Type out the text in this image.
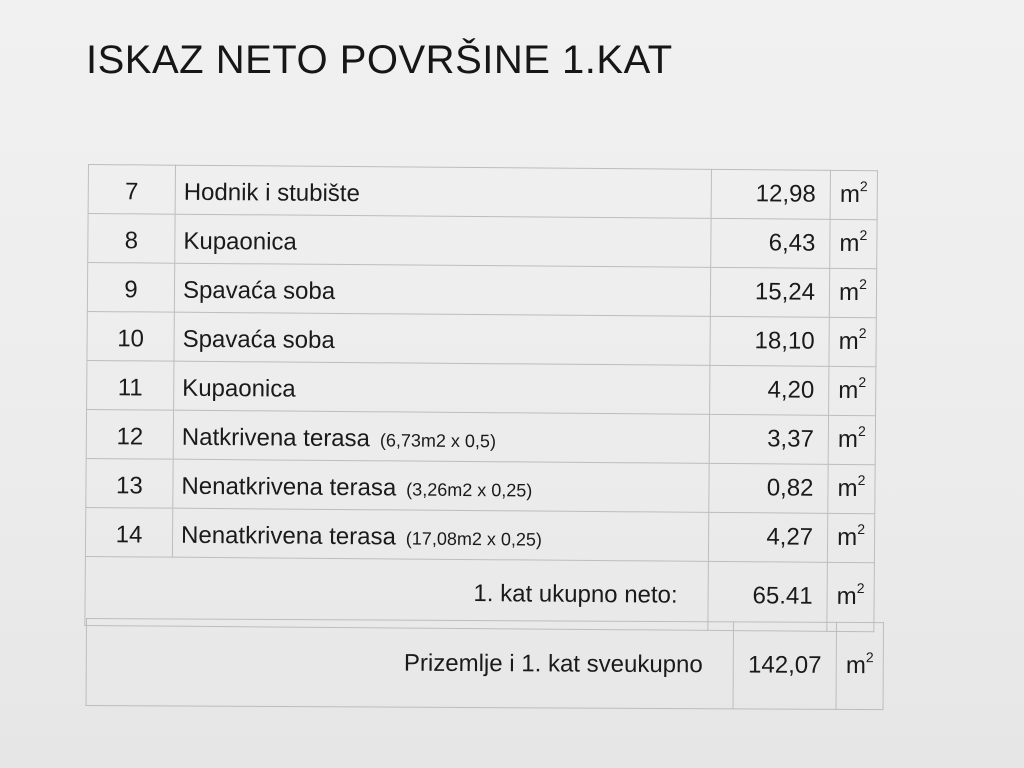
ISKAZ NETO POVRŠINE 1.KAT
7	Hodnik i stubište	12,98	$m^2$
8	Kupaonica	6,43	$m^2$
9	Spavaća soba	15,24	$m^2$
10	Spavaća soba	18,10	$m^2$
11	Kupaonica	4,20	$m^2$
12	Natkrivena terasa (6,73m2 x 0,5)	3,37	$m^2$
13	Nenatkrivena terasa (3,26m2 x 0,25)	0,82	$m^2$
14	Nenatkrivena terasa (17,08m2 x 0,25)	4,27	$m^2$
1. kat ukupno neto:		65.41	$m^2$
Prizemlje i 1. kat sveukupno	142,07	$m^2$
